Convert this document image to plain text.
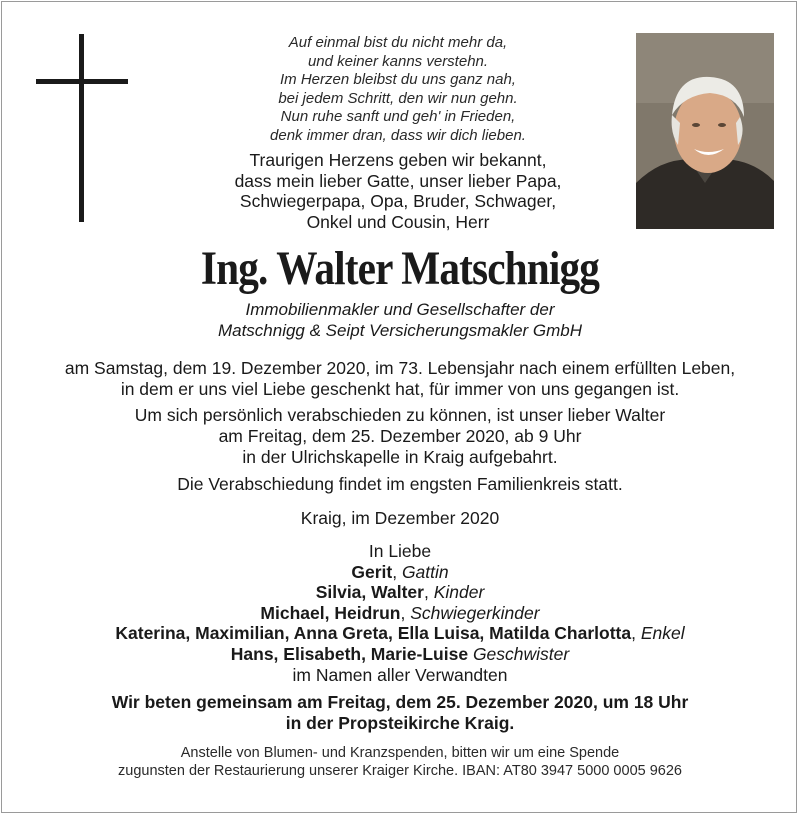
Auf einmal bist du nicht mehr da,
und keiner kanns verstehn.
Im Herzen bleibst du uns ganz nah,
bei jedem Schritt, den wir nun gehn.
Nun ruhe sanft und geh' in Frieden,
denk immer dran, dass wir dich lieben.
Traurigen Herzens geben wir bekannt,
dass mein lieber Gatte, unser lieber Papa,
Schwiegerpapa, Opa, Bruder, Schwager,
Onkel und Cousin, Herr
Ing. Walter Matschnigg
Immobilienmakler und Gesellschafter der
Matschnigg & Seipt Versicherungsmakler GmbH
am Samstag, dem 19. Dezember 2020, im 73. Lebensjahr nach einem erfüllten Leben,
in dem er uns viel Liebe geschenkt hat, für immer von uns gegangen ist.
Um sich persönlich verabschieden zu können, ist unser lieber Walter
am Freitag, dem 25. Dezember 2020, ab 9 Uhr
in der Ulrichskapelle in Kraig aufgebahrt.
Die Verabschiedung findet im engsten Familienkreis statt.
Kraig, im Dezember 2020
In Liebe
Gerit, Gattin
Silvia, Walter, Kinder
Michael, Heidrun, Schwiegerkinder
Katerina, Maximilian, Anna Greta, Ella Luisa, Matilda Charlotta, Enkel
Hans, Elisabeth, Marie-Luise Geschwister
im Namen aller Verwandten
Wir beten gemeinsam am Freitag, dem 25. Dezember 2020, um 18 Uhr
in der Propsteikirche Kraig.
Anstelle von Blumen- und Kranzspenden, bitten wir um eine Spende
zugunsten der Restaurierung unserer Kraiger Kirche. IBAN: AT80 3947 5000 0005 9626
